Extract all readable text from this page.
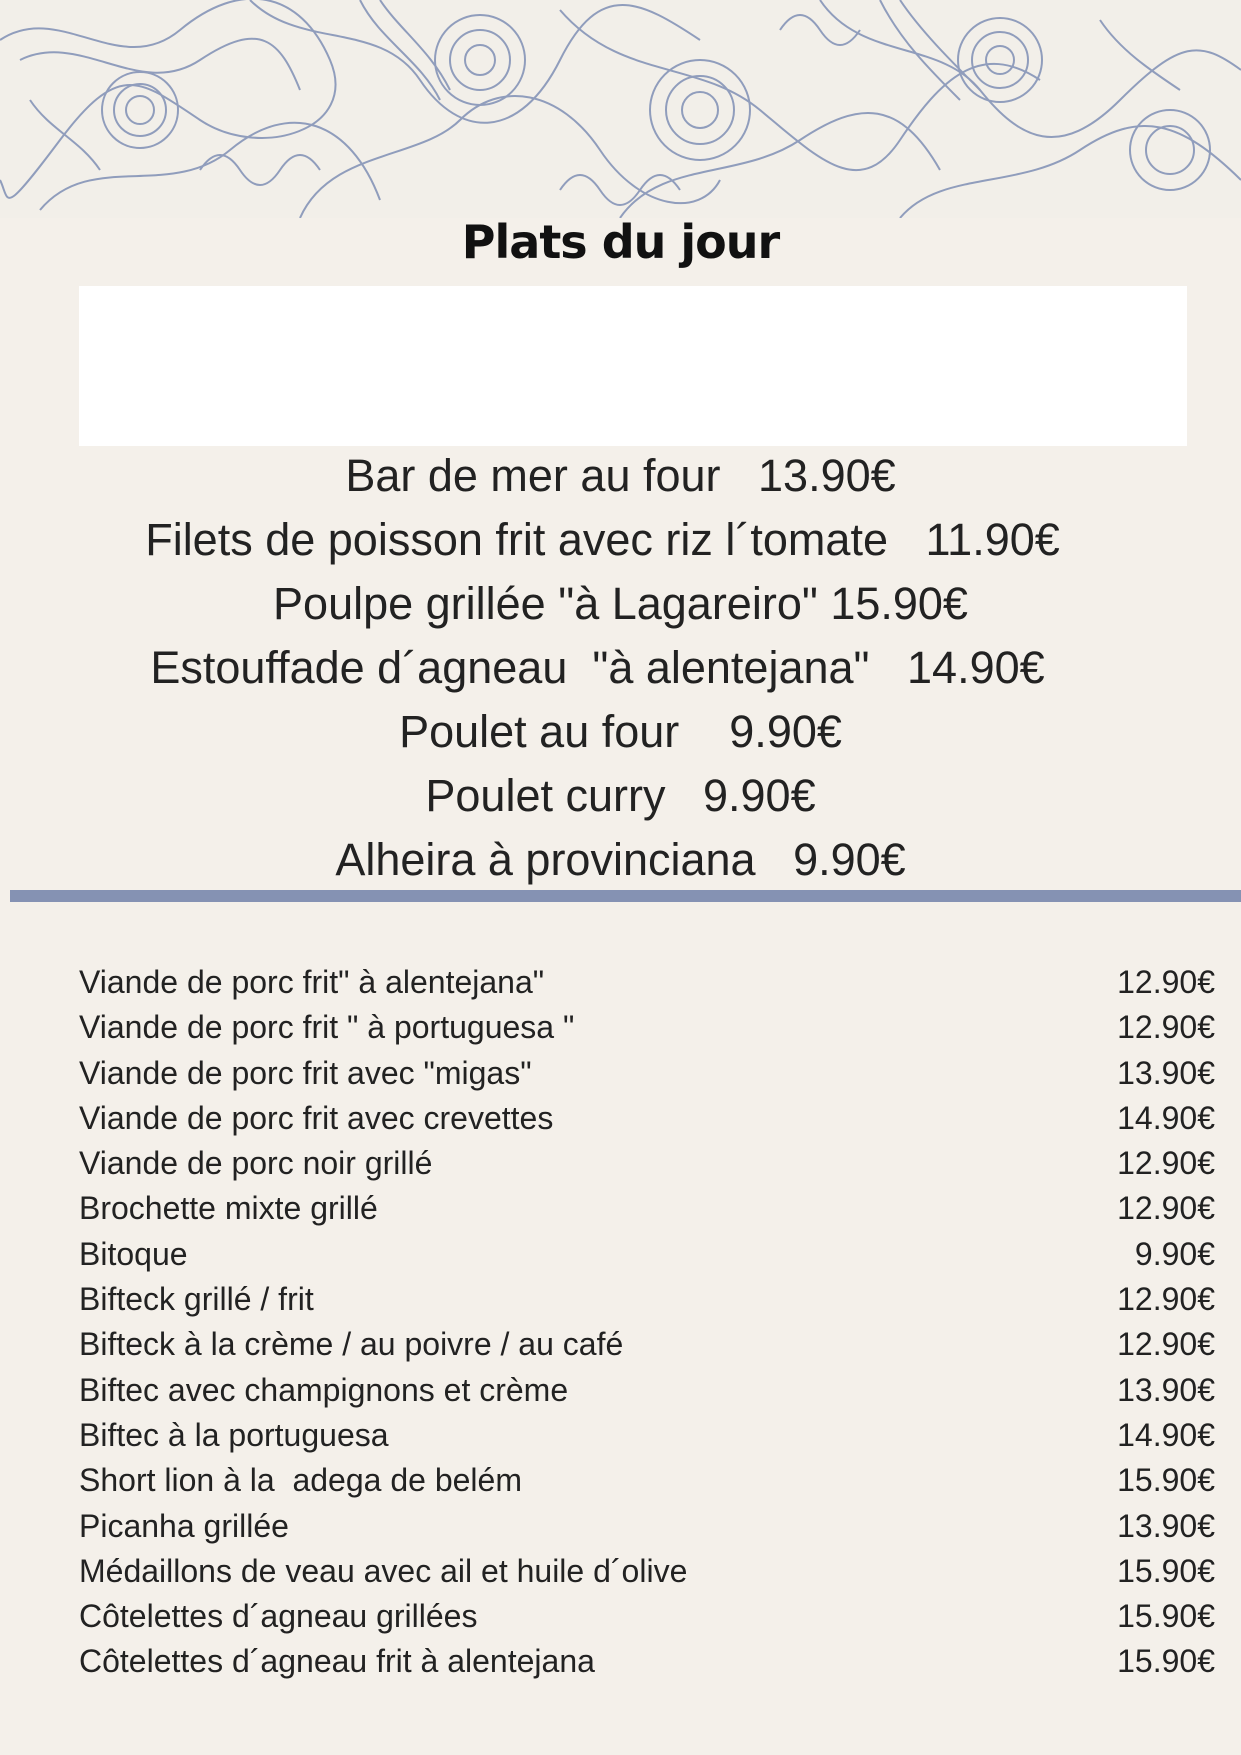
Plats du jour
Bar de mer au four   13.90€
Filets de poisson frit avec riz l´tomate   11.90€
Poulpe grillée "à Lagareiro" 15.90€
Estouffade d´agneau  "à alentejana"   14.90€
Poulet au four    9.90€
Poulet curry   9.90€
Alheira à provinciana   9.90€
Viande de porc frit" à alentejana"	12.90€
Viande de porc frit " à portuguesa "	12.90€
Viande de porc frit avec "migas"	13.90€
Viande de porc frit avec crevettes	14.90€
Viande de porc noir grillé	12.90€
Brochette mixte grillé	12.90€
Bitoque	9.90€
Bifteck grillé / frit	12.90€
Bifteck à la crème / au poivre / au café	12.90€
Biftec avec champignons et crème	13.90€
Biftec à la portuguesa	14.90€
Short lion à la  adega de belém	15.90€
Picanha grillée	13.90€
Médaillons de veau avec ail et huile d´olive	15.90€
Côtelettes d´agneau grillées	15.90€
Côtelettes d´agneau frit à alentejana	15.90€
